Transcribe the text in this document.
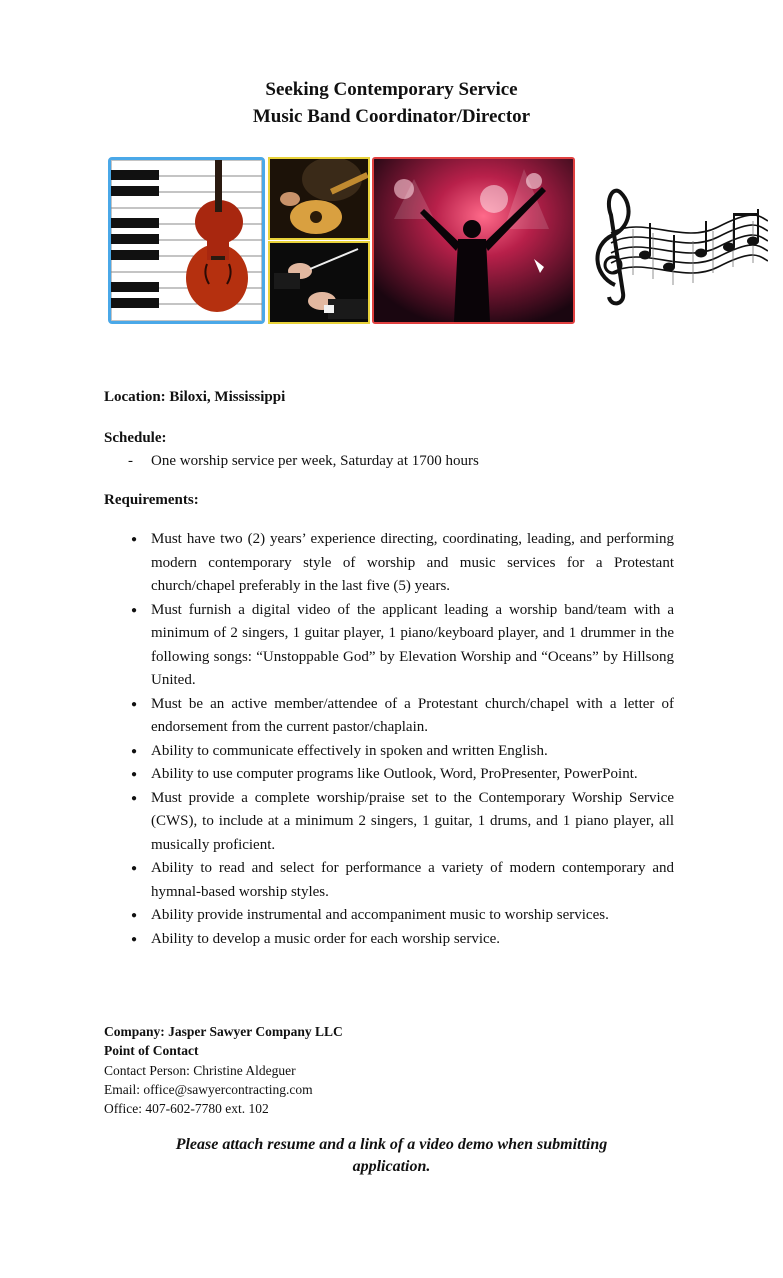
Seeking Contemporary Service
Music Band Coordinator/Director
Location: Biloxi, Mississippi
Schedule:
- One worship service per week, Saturday at 1700 hours
Requirements:
● Must have two (2) years’ experience directing, coordinating, leading, and performing modern contemporary style of worship and music services for a Protestant church/chapel preferably in the last five (5) years.
● Must furnish a digital video of the applicant leading a worship band/team with a minimum of 2 singers, 1 guitar player, 1 piano/keyboard player, and 1 drummer in the following songs: “Unstoppable God” by Elevation Worship and “Oceans” by Hillsong United.
● Must be an active member/attendee of a Protestant church/chapel with a letter of endorsement from the current pastor/chaplain.
● Ability to communicate effectively in spoken and written English.
● Ability to use computer programs like Outlook, Word, ProPresenter, PowerPoint.
● Must provide a complete worship/praise set to the Contemporary Worship Service (CWS), to include at a minimum 2 singers, 1 guitar, 1 drums, and 1 piano player, all musically proficient.
● Ability to read and select for performance a variety of modern contemporary and hymnal-based worship styles.
● Ability provide instrumental and accompaniment music to worship services.
● Ability to develop a music order for each worship service.
Company: Jasper Sawyer Company LLC
Point of Contact
Contact Person: Christine Aldeguer
Email: office@sawyercontracting.com
Office: 407-602-7780 ext. 102
Please attach resume and a link of a video demo when submitting
application.
